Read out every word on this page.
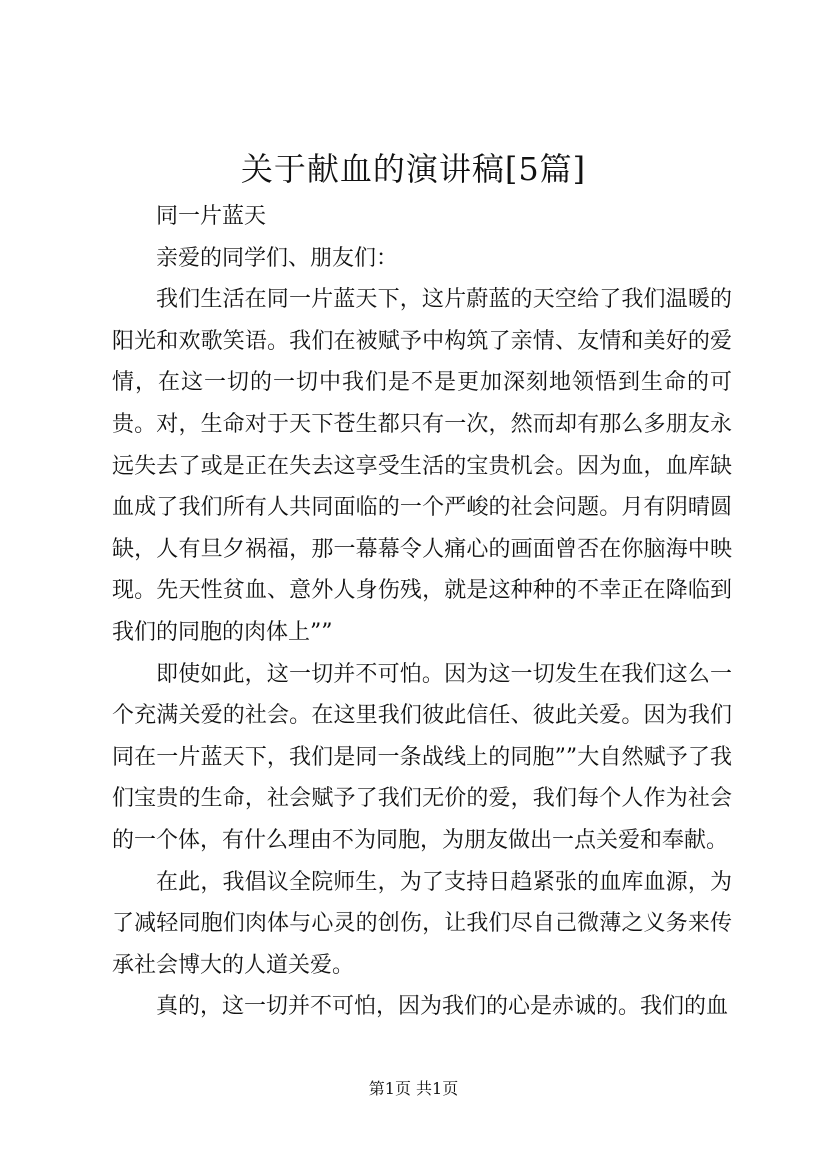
关于献血的演讲稿[5篇]

同一片蓝天

亲爱的同学们、朋友们：

我们生活在同一片蓝天下，这片蔚蓝的天空给了我们温暖的阳光和欢歌笑语。我们在被赋予中构筑了亲情、友情和美好的爱情，在这一切的一切中我们是不是更加深刻地领悟到生命的可贵。对，生命对于天下苍生都只有一次，然而却有那么多朋友永远失去了或是正在失去这享受生活的宝贵机会。因为血，血库缺血成了我们所有人共同面临的一个严峻的社会问题。月有阴晴圆缺，人有旦夕祸福，那一幕幕令人痛心的画面曾否在你脑海中映现。先天性贫血、意外人身伤残，就是这种种的不幸正在降临到我们的同胞的肉体上””

即使如此，这一切并不可怕。因为这一切发生在我们这么一个充满关爱的社会。在这里我们彼此信任、彼此关爱。因为我们同在一片蓝天下，我们是同一条战线上的同胞””大自然赋予了我们宝贵的生命，社会赋予了我们无价的爱，我们每个人作为社会的一个体，有什么理由不为同胞，为朋友做出一点关爱和奉献。

在此，我倡议全院师生，为了支持日趋紧张的血库血源，为了减轻同胞们肉体与心灵的创伤，让我们尽自己微薄之义务来传承社会博大的人道关爱。

真的，这一切并不可怕，因为我们的心是赤诚的。我们的血

第1页 共1页
